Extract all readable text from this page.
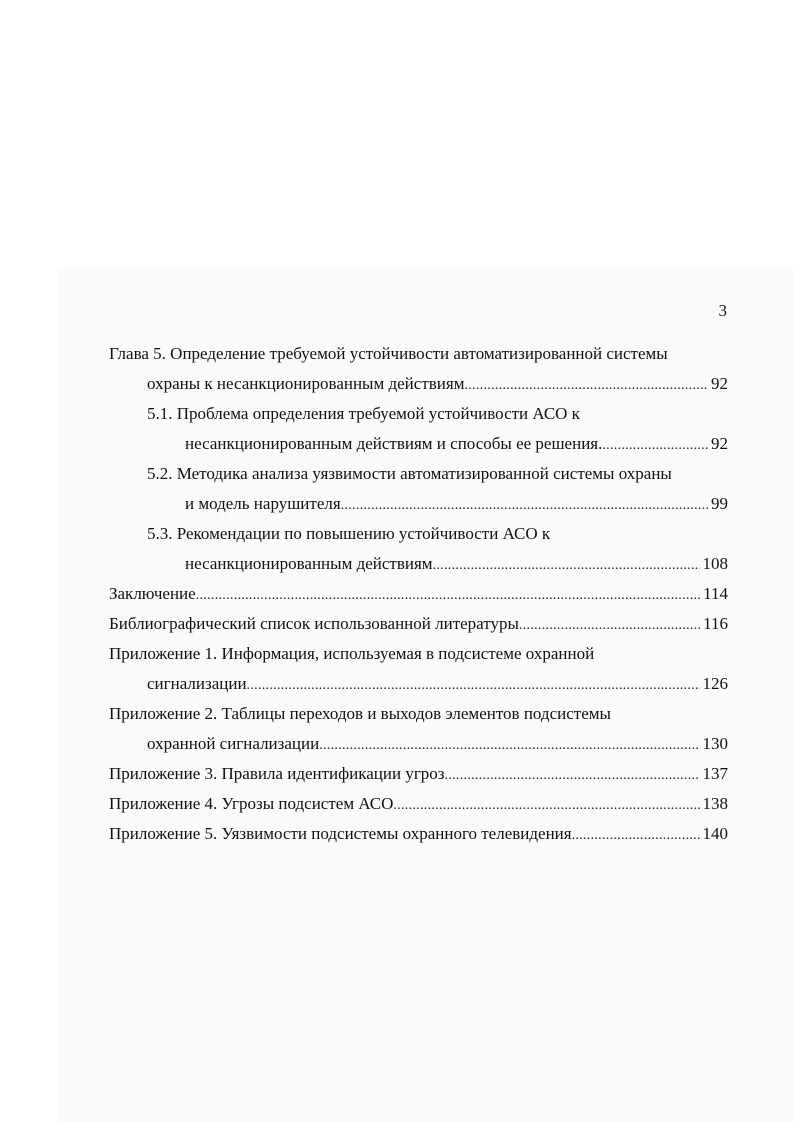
3
Глава 5. Определение требуемой устойчивости автоматизированной системы
охраны к несанкционированным действиям . . .	92
5.1. Проблема определения требуемой устойчивости АСО к
несанкционированным действиям и способы ее решения. . . .	92
5.2. Методика анализа уязвимости автоматизированной системы охраны
и модель нарушителя . . .	99
5.3. Рекомендации по повышению устойчивости АСО к
несанкционированным действиям . . .	108
Заключение . . .	114
Библиографический список использованной литературы . . .	116
Приложение 1. Информация, используемая в подсистеме охранной
сигнализации . . .	126
Приложение 2. Таблицы переходов и выходов элементов подсистемы
охранной сигнализации . . .	130
Приложение 3. Правила идентификации угроз . . .	137
Приложение 4. Угрозы подсистем АСО . . .	138
Приложение 5. Уязвимости подсистемы охранного телевидения . . .	140
